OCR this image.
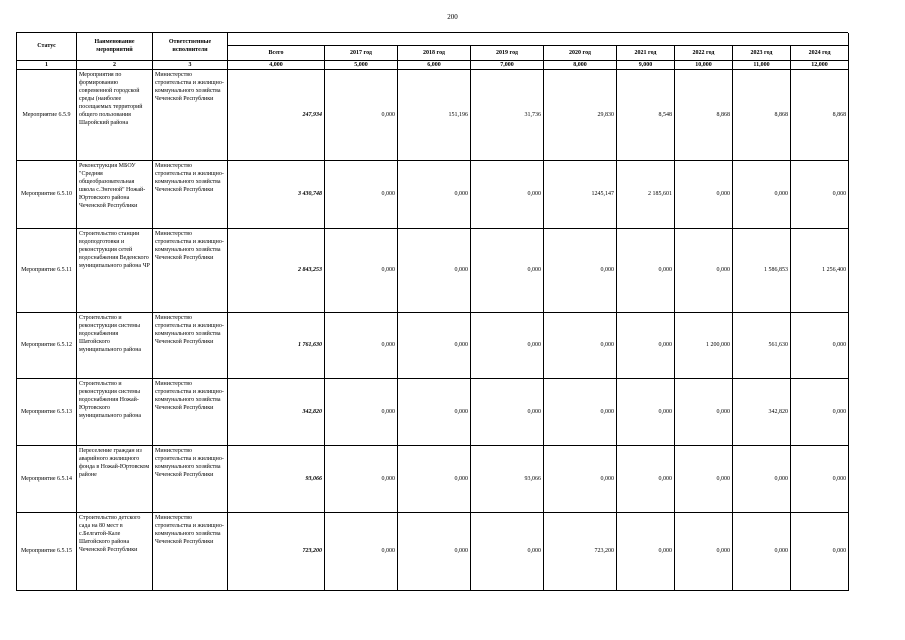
200
Статус	Наименование мероприятий	Ответственные исполнители									
			Всего	2017 год	2018 год	2019 год	2020 год	2021 год	2022 год	2023 год	2024 год
1	2	3	4,000	5,000	6,000	7,000	8,000	9,000	10,000	11,000	12,000
Мероприятие 6.5.9	Мероприятия по формированию современной городской среды (наиболее посещаемых территорий общего пользования Шаройский района	Министерство строительства и жилищно-коммунального хозяйства Чеченской Республики	247,934	0,000	151,196	31,736	29,830	8,548	8,868	8,868	8,868
Мероприятие 6.5.10	Реконструкция МБОУ "Средняя общеобразовательная школа с.Энгеной" Ножай-Юртовского района Чеченской Республики	Министерство строительства и жилищно-коммунального хозяйства Чеченской Республики	3 430,748	0,000	0,000	0,000	1245,147	2 185,601	0,000	0,000	0,000
Мероприятие 6.5.11	Строительство станции водоподготовки и реконструкция сетей водоснабжения Веденского муниципального района ЧР	Министерство строительства и жилищно-коммунального хозяйства Чеченской Республики	2 843,253	0,000	0,000	0,000	0,000	0,000	0,000	1 586,853	1 256,400
Мероприятие 6.5.12	Строительство и реконструкция системы водоснабжения Шатойского муниципального района	Министерство строительства и жилищно-коммунального хозяйства Чеченской Республики	1 761,630	0,000	0,000	0,000	0,000	0,000	1 200,000	561,630	0,000
Мероприятие 6.5.13	Строительство и реконструкция системы водоснабжения Ножай-Юртовского муниципального района	Министерство строительства и жилищно-коммунального хозяйства Чеченской Республики	342,820	0,000	0,000	0,000	0,000	0,000	0,000	342,820	0,000
Мероприятие 6.5.14	Переселение граждан из аварийного жилищного фонда в Ножай-Юртовском районе	Министерство строительства и жилищно-коммунального хозяйства Чеченской Республики	93,066	0,000	0,000	93,066	0,000	0,000	0,000	0,000	0,000
Мероприятие 6.5.15	Строительство детского сада на 80 мест в с.Белгатой-Кале Шатойского района Чеченской Республики	Министерство строительства и жилищно-коммунального хозяйства Чеченской Республики	723,200	0,000	0,000	0,000	723,200	0,000	0,000	0,000	0,000
